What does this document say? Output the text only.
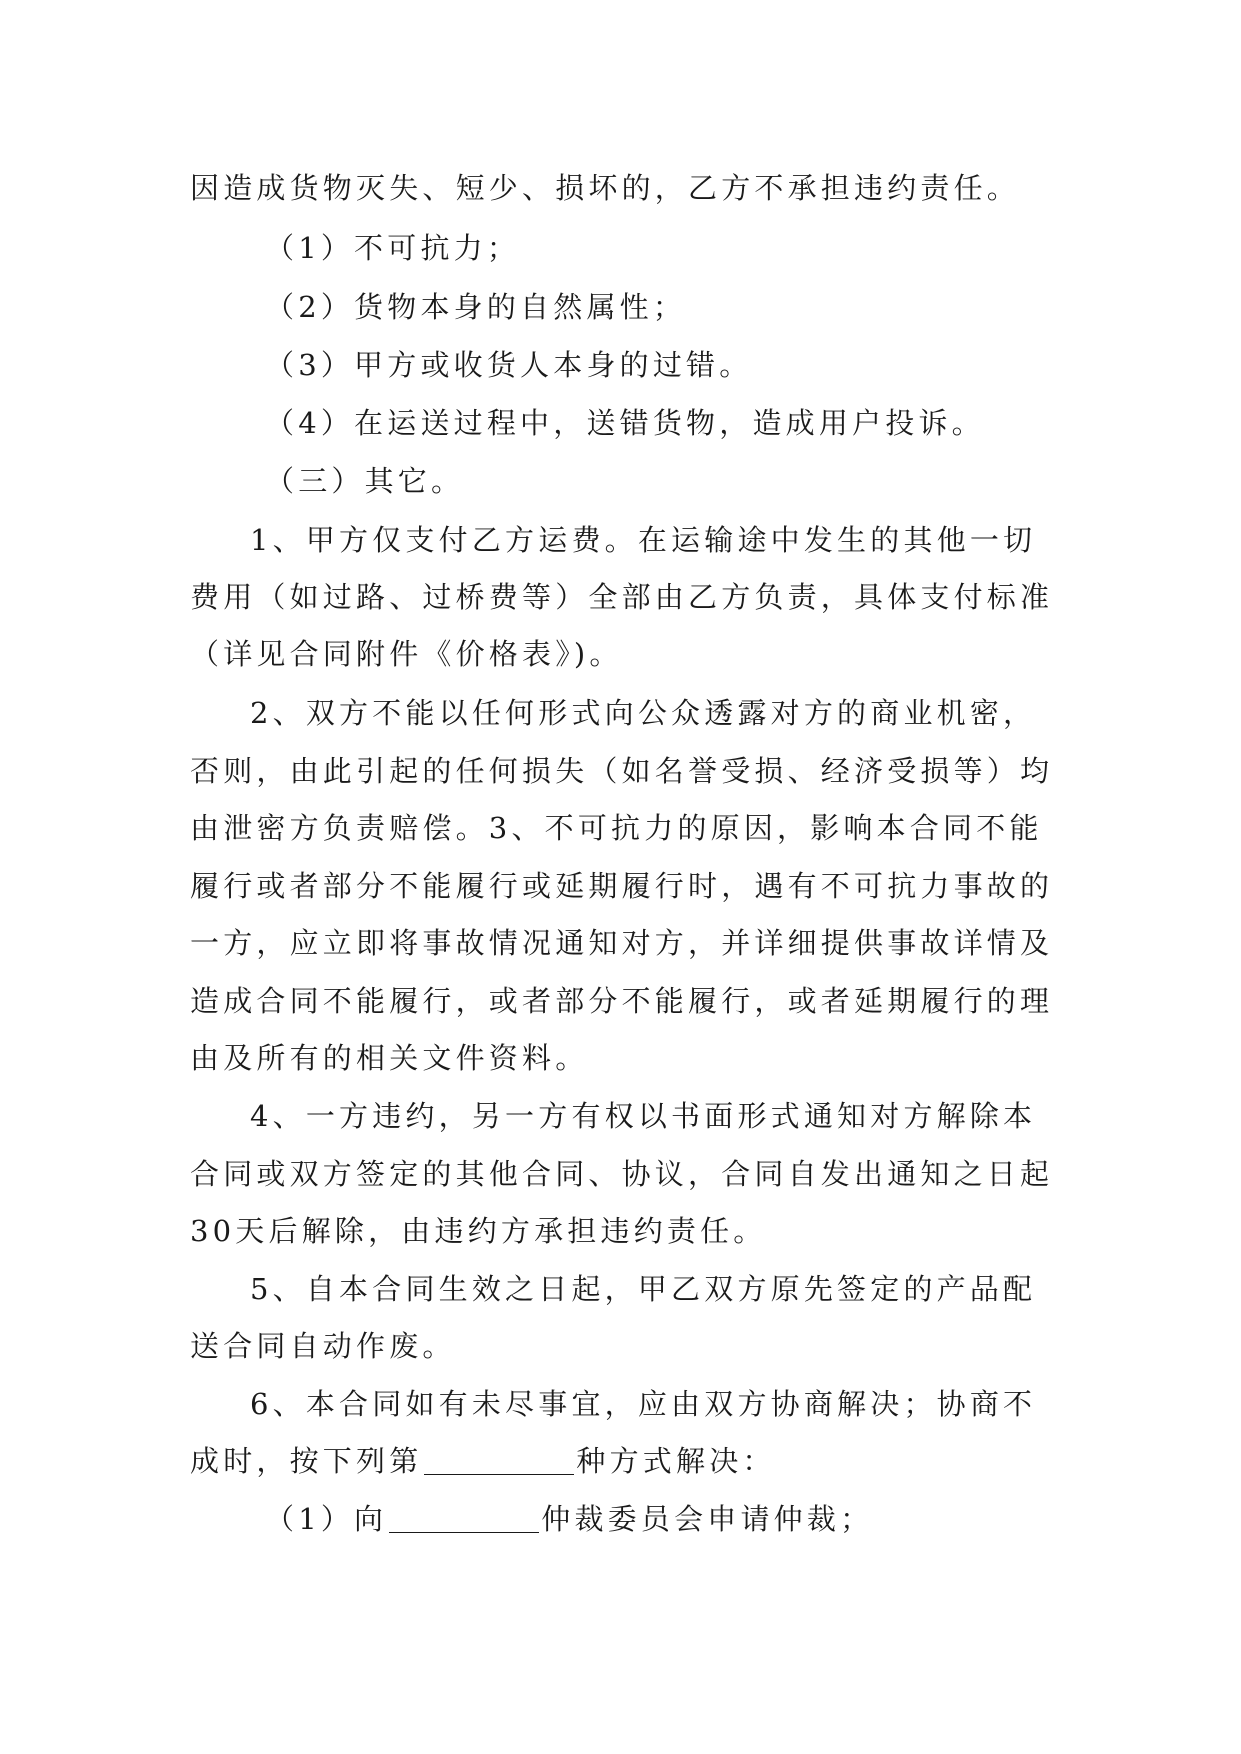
因造成货物灭失、短少、损坏的，乙方不承担违约责任。
（1）不可抗力；
（2）货物本身的自然属性；
（3）甲方或收货人本身的过错。
（4）在运送过程中，送错货物，造成用户投诉。
（三）其它。
1、甲方仅支付乙方运费。在运输途中发生的其他一切
费用（如过路、过桥费等）全部由乙方负责，具体支付标准
（详见合同附件《价格表》)。
2、双方不能以任何形式向公众透露对方的商业机密，
否则，由此引起的任何损失（如名誉受损、经济受损等）均
由泄密方负责赔偿。3、不可抗力的原因，影响本合同不能
履行或者部分不能履行或延期履行时，遇有不可抗力事故的
一方，应立即将事故情况通知对方，并详细提供事故详情及
造成合同不能履行，或者部分不能履行，或者延期履行的理
由及所有的相关文件资料。
4、一方违约，另一方有权以书面形式通知对方解除本
合同或双方签定的其他合同、协议，合同自发出通知之日起
30天后解除，由违约方承担违约责任。
5、自本合同生效之日起，甲乙双方原先签定的产品配
送合同自动作废。
6、本合同如有未尽事宜，应由双方协商解决；协商不
成时，按下列第	种方式解决：
（1）向	仲裁委员会申请仲裁；
